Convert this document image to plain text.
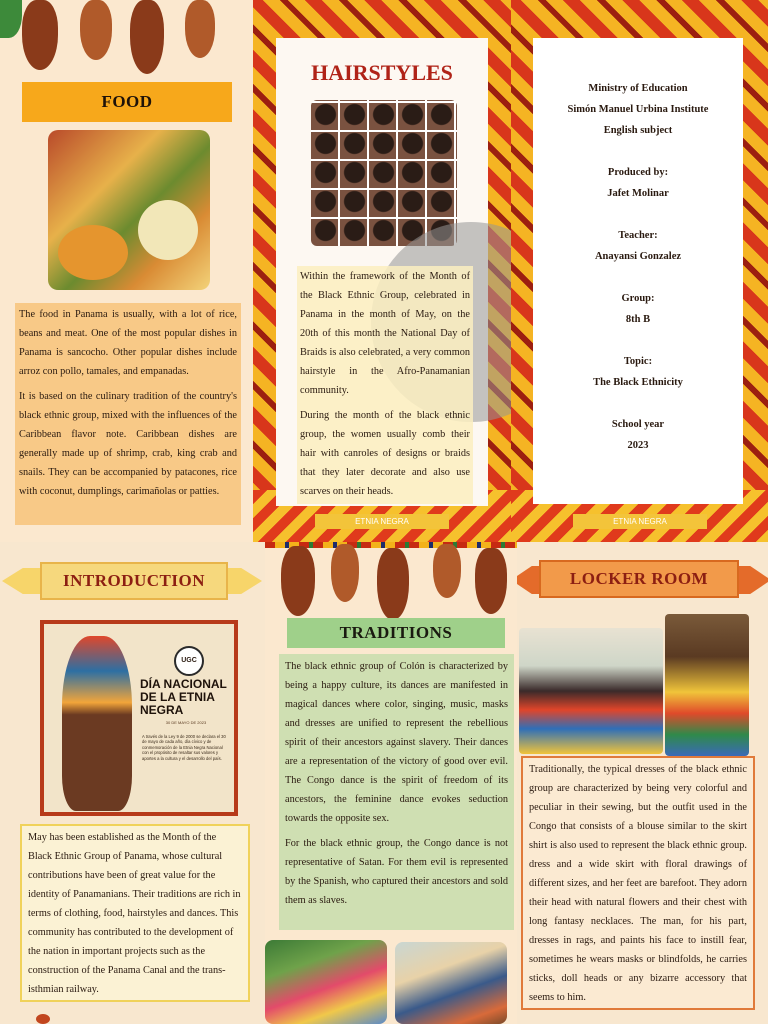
FOOD

The food in Panama is usually, with a lot of rice, beans and meat. One of the most popular dishes in Panama is sancocho. Other popular dishes include arroz con pollo, tamales, and empanadas.

It is based on the culinary tradition of the country's black ethnic group, mixed with the influences of the Caribbean flavor note. Caribbean dishes are generally made up of shrimp, crab, king crab and snails. They can be accompanied by patacones, rice with coconut, dumplings, carimañolas or patties.

HAIRSTYLES

Within the framework of the Month of the Black Ethnic Group, celebrated in Panama in the month of May, on the 20th of this month the National Day of Braids is also celebrated, a very common hairstyle in the Afro-Panamanian community.

During the month of the black ethnic group, the women usually comb their hair with canroles of designs or braids that they later decorate and also use scarves on their heads.

ETNIA NEGRA
Ministry of Education
Simón Manuel Urbina Institute
English subject
Produced by:
Jafet Molinar
Teacher:
Anayansi Gonzalez
Group:
8th B
Topic:
The Black Ethnicity
School year
2023
ETNIA NEGRA
INTRODUCTION
UGC
DÍA NACIONAL DE LA ETNIA NEGRA
30 DE MAYO DE 2023
A través de la Ley 9 de 2000 se declara el 30 de mayo de cada año, día cívico y de conmemoración de la Etnia Negra Nacional con el propósito de resaltar sus valores y aportes a la cultura y el desarrollo del país.

May has been established as the Month of the Black Ethnic Group of Panama, whose cultural contributions have been of great value for the identity of Panamanians. Their traditions are rich in terms of clothing, food, hairstyles and dances. This community has contributed to the development of the nation in important projects such as the construction of the Panama Canal and the trans-isthmian railway.

TRADITIONS

The black ethnic group of Colón is characterized by being a happy culture, its dances are manifested in magical dances where color, singing, music, masks and dresses are unified to represent the rebellious spirit of their ancestors against slavery. Their dances are a representation of the victory of good over evil. The Congo dance is the spirit of freedom of its ancestors, the feminine dance evokes seduction towards the opposite sex.

For the black ethnic group, the Congo dance is not representative of Satan. For them evil is represented by the Spanish, who captured their ancestors and sold them as slaves.

LOCKER ROOM

Traditionally, the typical dresses of the black ethnic group are characterized by being very colorful and peculiar in their sewing, but the outfit used in the Congo that consists of a blouse similar to the skirt shirt is also used to represent the black ethnic group. dress and a wide skirt with floral drawings of different sizes, and her feet are barefoot. They adorn their head with natural flowers and their chest with long fantasy necklaces. The man, for his part, dresses in rags, and paints his face to instill fear, sometimes he wears masks or blindfolds, he carries sticks, doll heads or any bizarre accessory that seems to him.
